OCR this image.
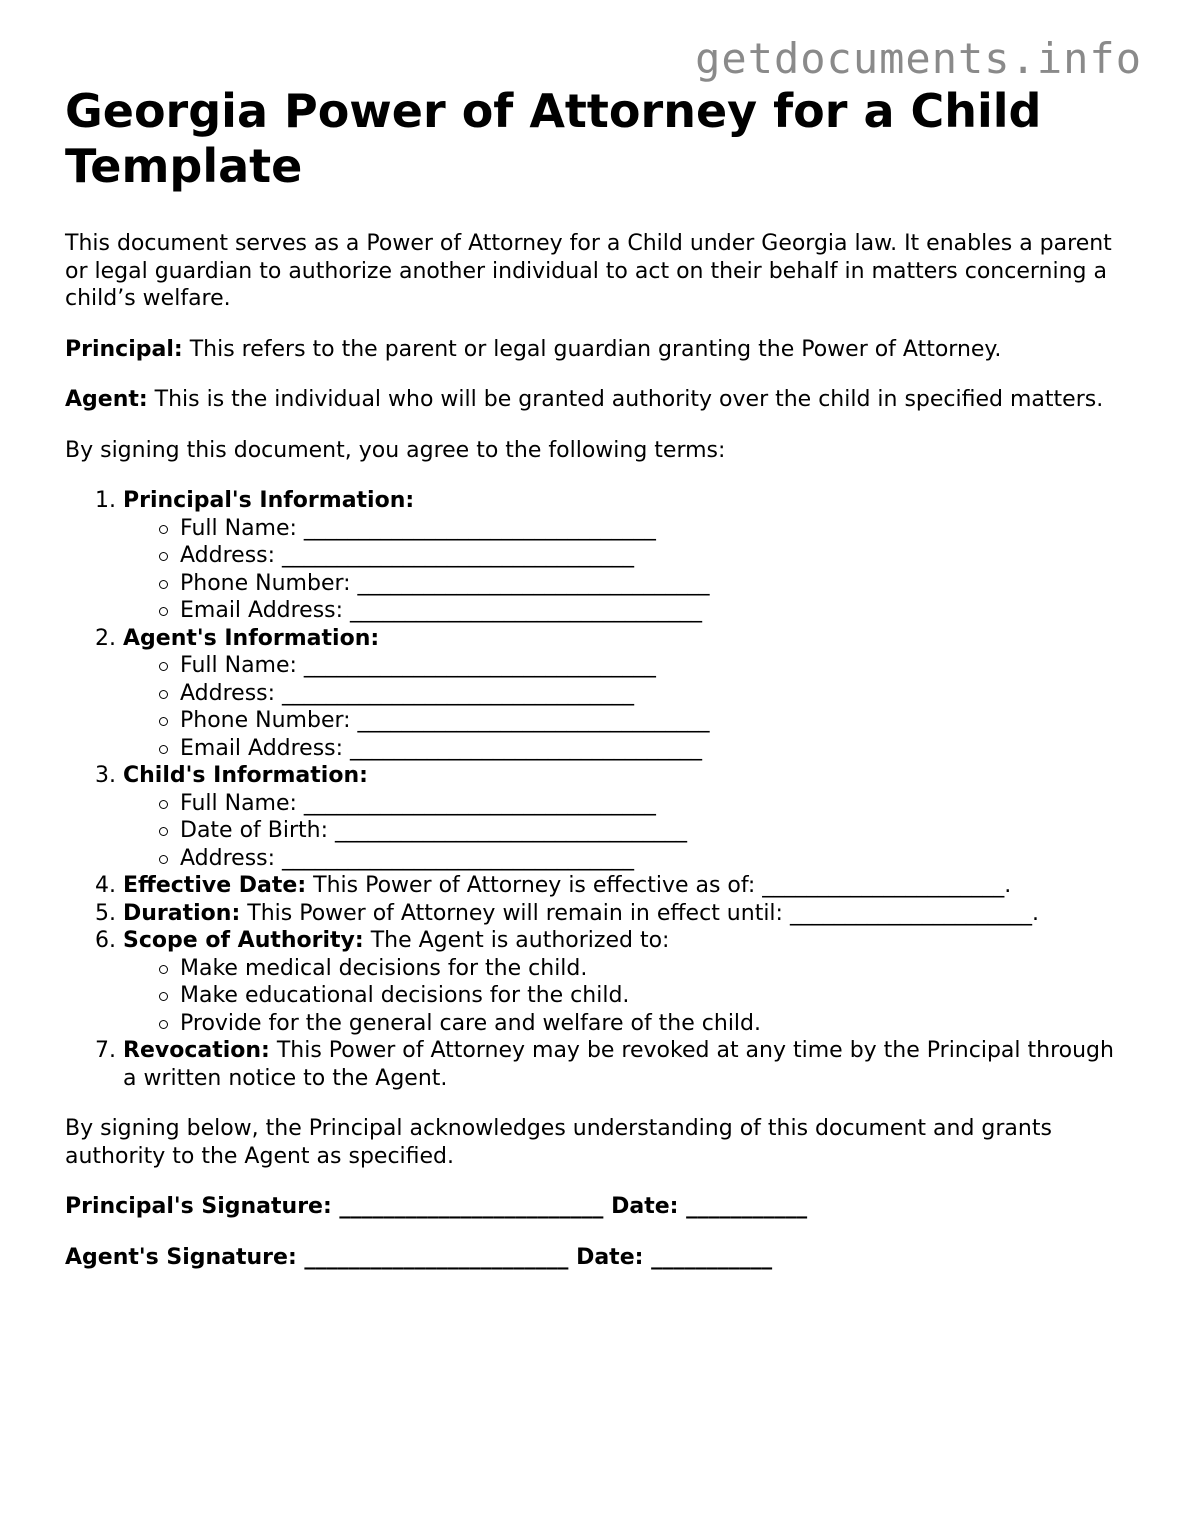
getdocuments.info
Georgia Power of Attorney for a Child Template

This document serves as a Power of Attorney for a Child under Georgia law. It enables a parent or legal guardian to authorize another individual to act on their behalf in matters concerning a child’s welfare.

Principal: This refers to the parent or legal guardian granting the Power of Attorney.

Agent: This is the individual who will be granted authority over the child in specified matters.

By signing this document, you agree to the following terms:

1. Principal's Information:
Full Name: ________________________________
Address: ________________________________
Phone Number: ________________________________
Email Address: ________________________________
2. Agent's Information:
Full Name: ________________________________
Address: ________________________________
Phone Number: ________________________________
Email Address: ________________________________
3. Child's Information:
Full Name: ________________________________
Date of Birth: ________________________________
Address: ________________________________
4. Effective Date: This Power of Attorney is effective as of: ______________________.
5. Duration: This Power of Attorney will remain in effect until: ______________________.
6. Scope of Authority: The Agent is authorized to:
Make medical decisions for the child.
Make educational decisions for the child.
Provide for the general care and welfare of the child.
7. Revocation: This Power of Attorney may be revoked at any time by the Principal through a written notice to the Agent.

By signing below, the Principal acknowledges understanding of this document and grants authority to the Agent as specified.

Principal's Signature: ________________________ Date: ___________
Agent's Signature: ________________________ Date: ___________
